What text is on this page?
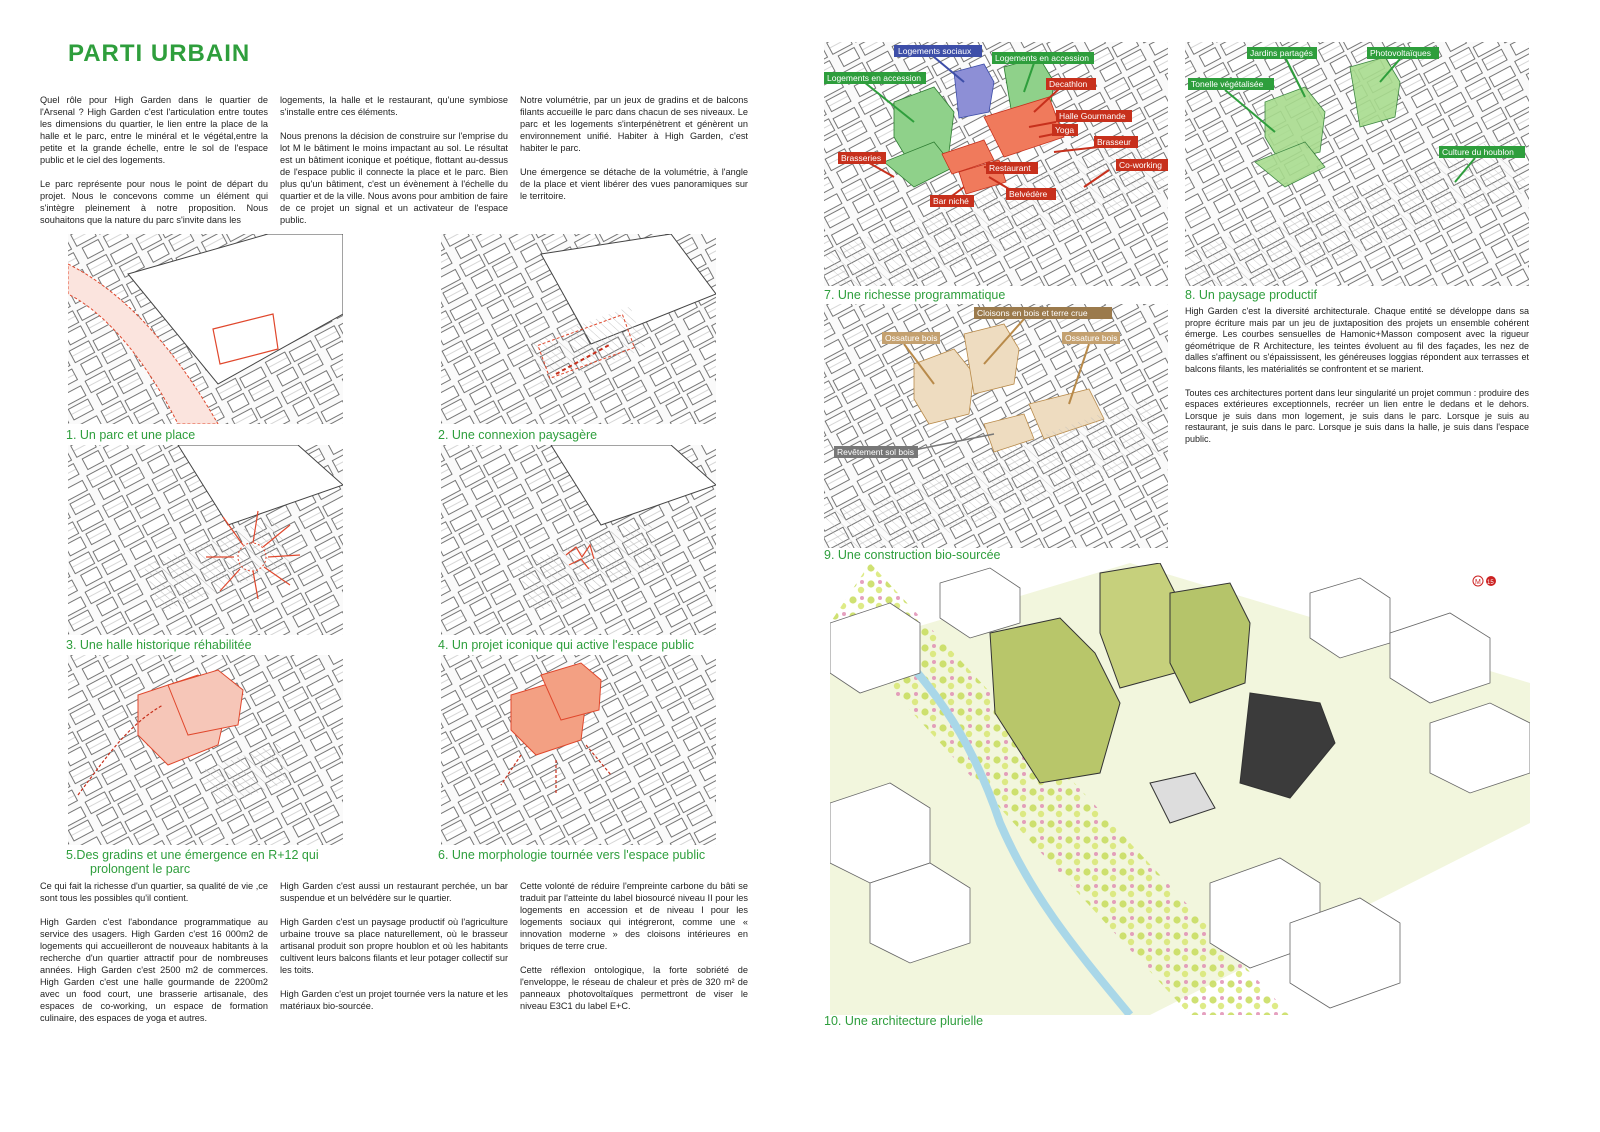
PARTI URBAIN

Quel rôle pour High Garden dans le quartier de l'Arsenal ? High Garden c'est l'articulation entre toutes les dimensions du quartier, le lien entre la place de la halle et le parc, entre le minéral et le végétal,entre la petite et la grande échelle, entre le sol de l'espace public et le ciel des logements.

Le parc représente pour nous le point de départ du projet. Nous le concevons comme un élément qui s'intègre pleinement à notre proposition. Nous souhaitons que la nature du parc s'invite dans les

logements, la halle et le restaurant, qu'une symbiose s'installe entre ces éléments.

Nous prenons la décision de construire sur l'emprise du lot M le bâtiment le moins impactant au sol. Le résultat est un bâtiment iconique et poétique, flottant au-dessus de l'espace public il connecte la place et le parc. Bien plus qu'un bâtiment, c'est un évènement à l'échelle du quartier et de la ville. Nous avons pour ambition de faire de ce projet un signal et un activateur de l'espace public.

Notre volumétrie, par un jeux de gradins et de balcons filants accueille le parc dans chacun de ses niveaux. Le parc et les logements s'interpénètrent et génèrent un environnement unifié. Habiter à High Garden, c'est habiter le parc.

Une émergence se détache de la volumétrie, à l'angle de la place et vient libérer des vues panoramiques sur le territoire.

1. Un parc et une place	2. Une connexion paysagère
3. Une halle historique réhabilitée	4. Un projet iconique qui active l'espace public
5.Des gradins et une émergence en R+12 qui
prolongent le parc
6. Une morphologie tournée vers l'espace public

Ce qui fait la richesse d'un quartier, sa qualité de vie ,ce sont tous les possibles qu'il contient.

High Garden c'est l'abondance programmatique au service des usagers. High Garden c'est 16 000m2 de logements qui accueilleront de nouveaux habitants à la recherche d'un quartier attractif pour de nombreuses années. High Garden c'est 2500 m2 de commerces. High Garden c'est une halle gourmande de 2200m2 avec un food court, une brasserie artisanale, des espaces de co-working, un espace de formation culinaire, des espaces de yoga et autres.

High Garden c'est aussi un restaurant perchée, un bar suspendue et un belvédère sur le quartier.

High Garden c'est un paysage productif où l'agriculture urbaine trouve sa place naturellement, où le brasseur artisanal produit son propre houblon et où les habitants cultivent leurs balcons filants et leur potager collectif sur les toits.

High Garden c'est un projet tournée vers la nature et les matériaux bio-sourcée.

Cette volonté de réduire l'empreinte carbone du bâti se traduit par l'atteinte du label biosourcé niveau II pour les logements en accession et de niveau I pour les logements sociaux qui intégreront, comme une « innovation moderne » des cloisons intérieures en briques de terre crue.

Cette réflexion ontologique, la forte sobriété de l'enveloppe, le réseau de chaleur et près de 320 m² de panneaux photovoltaïques permettront de viser le niveau E3C1 du label E+C.

Logements sociaux
Logements en accession
Logements en accession
Decathlon
Halle Gourmande
Yoga
Brasseur
Co-working
Brasseries
Restaurant
Belvédère
Bar niché
7. Une richesse programmatique
Jardins partagés	Photovoltaïques
Tonelle végétalisée
Culture du houblon
8. Un paysage productif

High Garden c'est la diversité architecturale. Chaque entité se développe dans sa propre écriture mais par un jeu de juxtaposition des projets un ensemble cohérent émerge. Les courbes sensuelles de Hamonic+Masson composent avec la rigueur géométrique de R Architecture, les teintes évoluent au fil des façades, les nez de dalles s'affinent ou s'épaississent, les généreuses loggias répondent aux terrasses et balcons filants, les matérialités se confrontent et se marient.

Toutes ces architectures portent dans leur singularité un projet commun : produire des espaces extérieures exceptionnels, recréer un lien entre le dedans et le dehors. Lorsque je suis dans mon logement, je suis dans le parc. Lorsque je suis au restaurant, je suis dans le parc. Lorsque je suis dans la halle, je suis dans l'espace public.

Cloisons en bois et terre crue
Ossature bois	Ossature bois
Revêtement sol bois
9. Une construction bio-sourcée
M 15
10. Une architecture plurielle
